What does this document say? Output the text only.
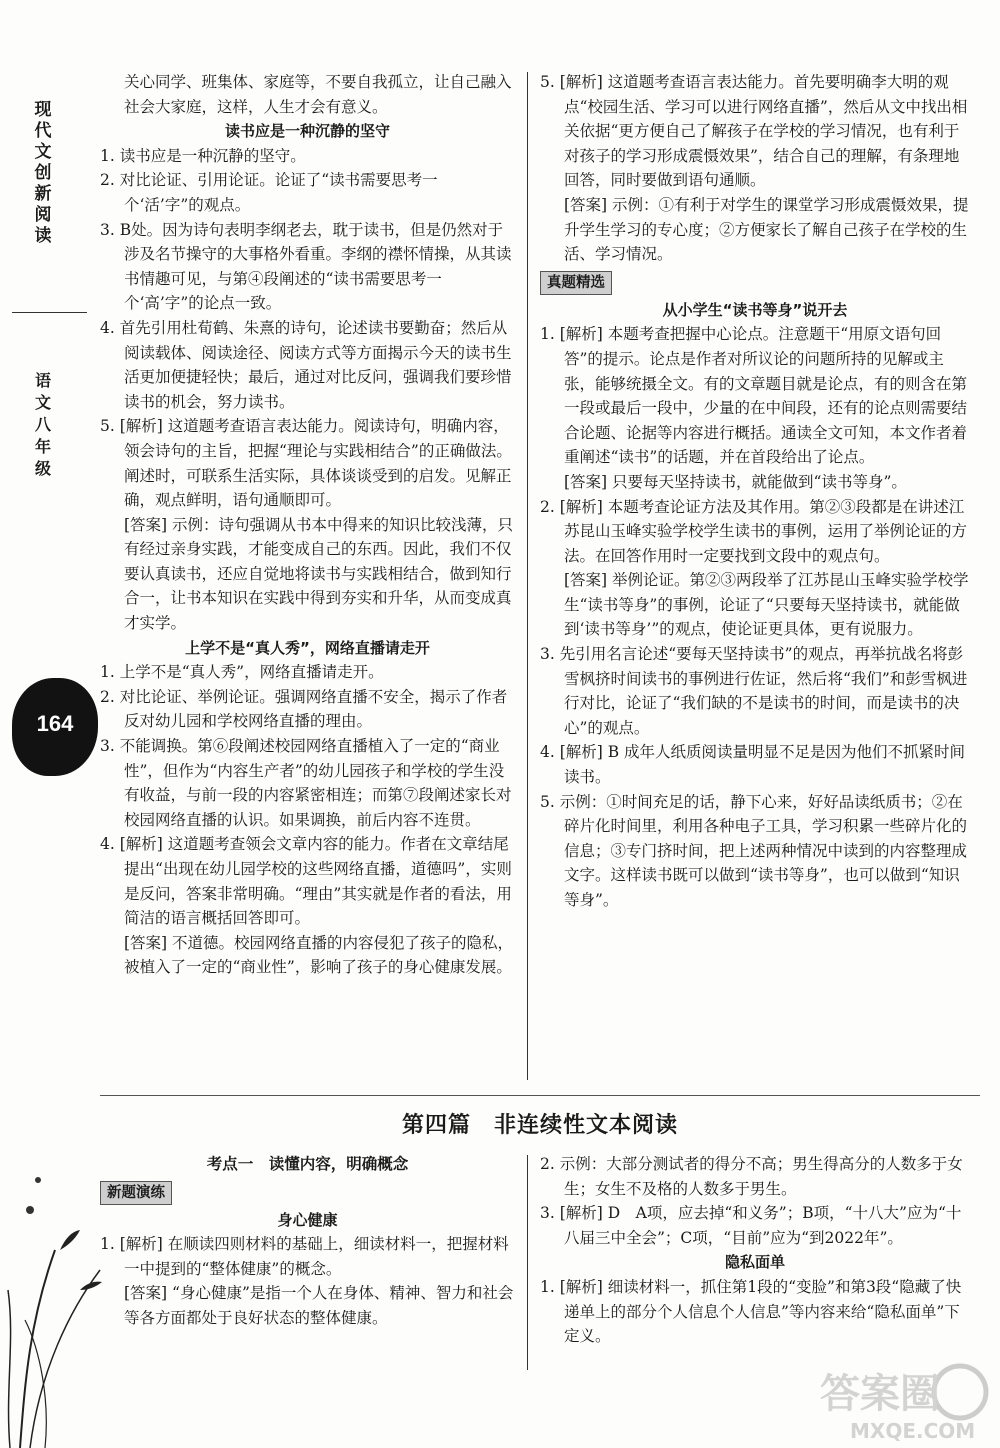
现代文创新阅读
语文 八年级
164

关心同学、班集体、家庭等，不要自我孤立，让自己融入社会大家庭，这样，人生才会有意义。

读书应是一种沉静的坚守

1. 读书应是一种沉静的坚守。

2. 对比论证、引用论证。论证了“读书需要思考一个‘活’字”的观点。

3. B处。因为诗句表明李纲老去，耽于读书，但是仍然对于涉及名节操守的大事格外看重。李纲的襟怀情操，从其读书情趣可见，与第④段阐述的“读书需要思考一个‘高’字”的论点一致。

4. 首先引用杜荀鹤、朱熹的诗句，论述读书要勤奋；然后从阅读载体、阅读途径、阅读方式等方面揭示今天的读书生活更加便捷轻快；最后，通过对比反问，强调我们要珍惜读书的机会，努力读书。

5. [解析] 这道题考查语言表达能力。阅读诗句，明确内容，领会诗句的主旨，把握“理论与实践相结合”的正确做法。阐述时，可联系生活实际，具体谈谈受到的启发。见解正确，观点鲜明，语句通顺即可。

[答案] 示例：诗句强调从书本中得来的知识比较浅薄，只有经过亲身实践，才能变成自己的东西。因此，我们不仅要认真读书，还应自觉地将读书与实践相结合，做到知行合一，让书本知识在实践中得到夯实和升华，从而变成真才实学。

上学不是“真人秀”，网络直播请走开

1. 上学不是“真人秀”，网络直播请走开。

2. 对比论证、举例论证。强调网络直播不安全，揭示了作者反对幼儿园和学校网络直播的理由。

3. 不能调换。第⑥段阐述校园网络直播植入了一定的“商业性”，但作为“内容生产者”的幼儿园孩子和学校的学生没有收益，与前一段的内容紧密相连；而第⑦段阐述家长对校园网络直播的认识。如果调换，前后内容不连贯。

4. [解析] 这道题考查领会文章内容的能力。作者在文章结尾提出“出现在幼儿园学校的这些网络直播，道德吗”，实则是反问，答案非常明确。“理由”其实就是作者的看法，用简洁的语言概括回答即可。

[答案] 不道德。校园网络直播的内容侵犯了孩子的隐私，被植入了一定的“商业性”，影响了孩子的身心健康发展。

5. [解析] 这道题考查语言表达能力。首先要明确李大明的观点“校园生活、学习可以进行网络直播”，然后从文中找出相关依据“更方便自己了解孩子在学校的学习情况，也有利于对孩子的学习形成震慑效果”，结合自己的理解，有条理地回答，同时要做到语句通顺。

[答案] 示例：①有利于对学生的课堂学习形成震慑效果，提升学生学习的专心度；②方便家长了解自己孩子在学校的生活、学习情况。

真题精选

从小学生“读书等身”说开去

1. [解析] 本题考查把握中心论点。注意题干“用原文语句回答”的提示。论点是作者对所议论的问题所持的见解或主张，能够统摄全文。有的文章题目就是论点，有的则含在第一段或最后一段中，少量的在中间段，还有的论点则需要结合论题、论据等内容进行概括。通读全文可知，本文作者着重阐述“读书”的话题，并在首段给出了论点。

[答案] 只要每天坚持读书，就能做到“读书等身”。

2. [解析] 本题考查论证方法及其作用。第②③段都是在讲述江苏昆山玉峰实验学校学生读书的事例，运用了举例论证的方法。在回答作用时一定要找到文段中的观点句。

[答案] 举例论证。第②③两段举了江苏昆山玉峰实验学校学生“读书等身”的事例，论证了“只要每天坚持读书，就能做到‘读书等身’”的观点，使论证更具体，更有说服力。

3. 先引用名言论述“要每天坚持读书”的观点，再举抗战名将彭雪枫挤时间读书的事例进行佐证，然后将“我们”和彭雪枫进行对比，论证了“我们缺的不是读书的时间，而是读书的决心”的观点。

4. [解析] B 成年人纸质阅读量明显不足是因为他们不抓紧时间读书。

5. 示例：①时间充足的话，静下心来，好好品读纸质书；②在碎片化时间里，利用各种电子工具，学习积累一些碎片化的信息；③专门挤时间，把上述两种情况中读到的内容整理成文字。这样读书既可以做到“读书等身”，也可以做到“知识等身”。

第四篇　非连续性文本阅读

考点一　读懂内容，明确概念

新题演练

身心健康

1. [解析] 在顺读四则材料的基础上，细读材料一，把握材料一中提到的“整体健康”的概念。

[答案] “身心健康”是指一个人在身体、精神、智力和社会等各方面都处于良好状态的整体健康。

2. 示例：大部分测试者的得分不高；男生得高分的人数多于女生；女生不及格的人数多于男生。

3. [解析] D　A项，应去掉“和义务”；B项，“十八大”应为“十八届三中全会”；C项，“目前”应为“到2022年”。

隐私面单

1. [解析] 细读材料一，抓住第1段的“变脸”和第3段“隐藏了快递单上的部分个人信息个人信息”等内容来给“隐私面单”下定义。

答案圈
MXQE.COM
